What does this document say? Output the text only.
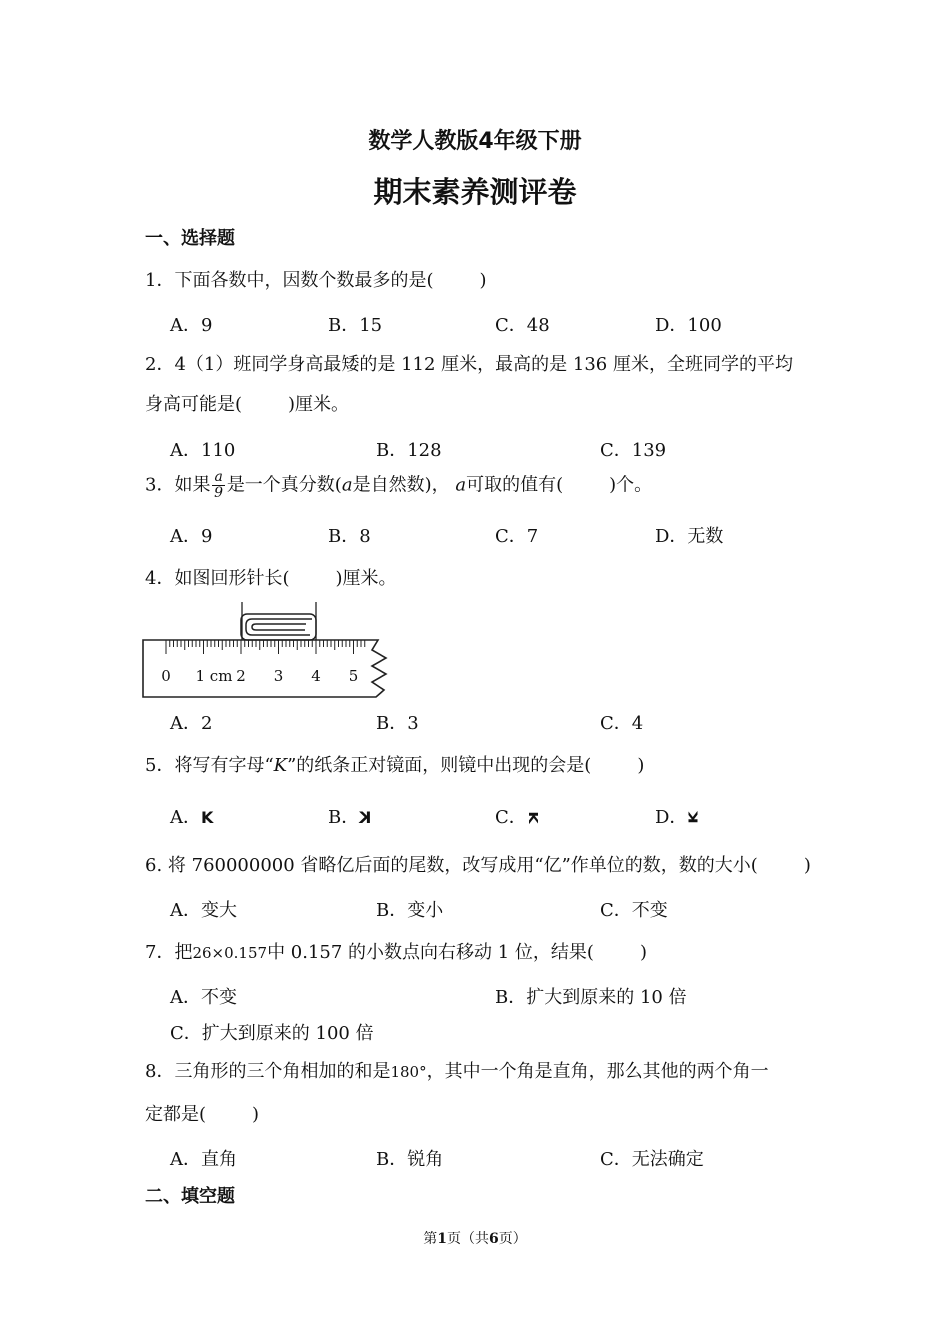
数学人教版4年级下册
期末素养测评卷
一、选择题
1．下面各数中，因数个数最多的是(	)
A．9	B．15	C．48	D．100
2．4（1）班同学身高最矮的是 112 厘米，最高的是 136 厘米，全班同学的平均
身高可能是(	)厘米。
A．110	B．128	C．139
3．如果 $\frac{a}{9}$ 是一个真分数(a是自然数)， a可取的值有(	)个。
A．9	B．8	C．7	D．无数
4．如图回形针长(	)厘米。
0 1 cm 2 3 4 5
A．2	B．3	C．4
5．将写有字母“K”的纸条正对镜面，则镜中出现的会是(	)
A．K	B．K	C．K	D．K
6. 将 760000000 省略亿后面的尾数，改写成用“亿”作单位的数，数的大小(	)
A．变大	B．变小	C．不变
7．把26×0.157中 0.157 的小数点向右移动 1 位，结果(	)
A．不变	B．扩大到原来的 10 倍
C．扩大到原来的 100 倍
8．三角形的三个角相加的和是180°，其中一个角是直角，那么其他的两个角一
定都是(	)
A．直角	B．锐角	C．无法确定
二、填空题
第1页（共6页）
